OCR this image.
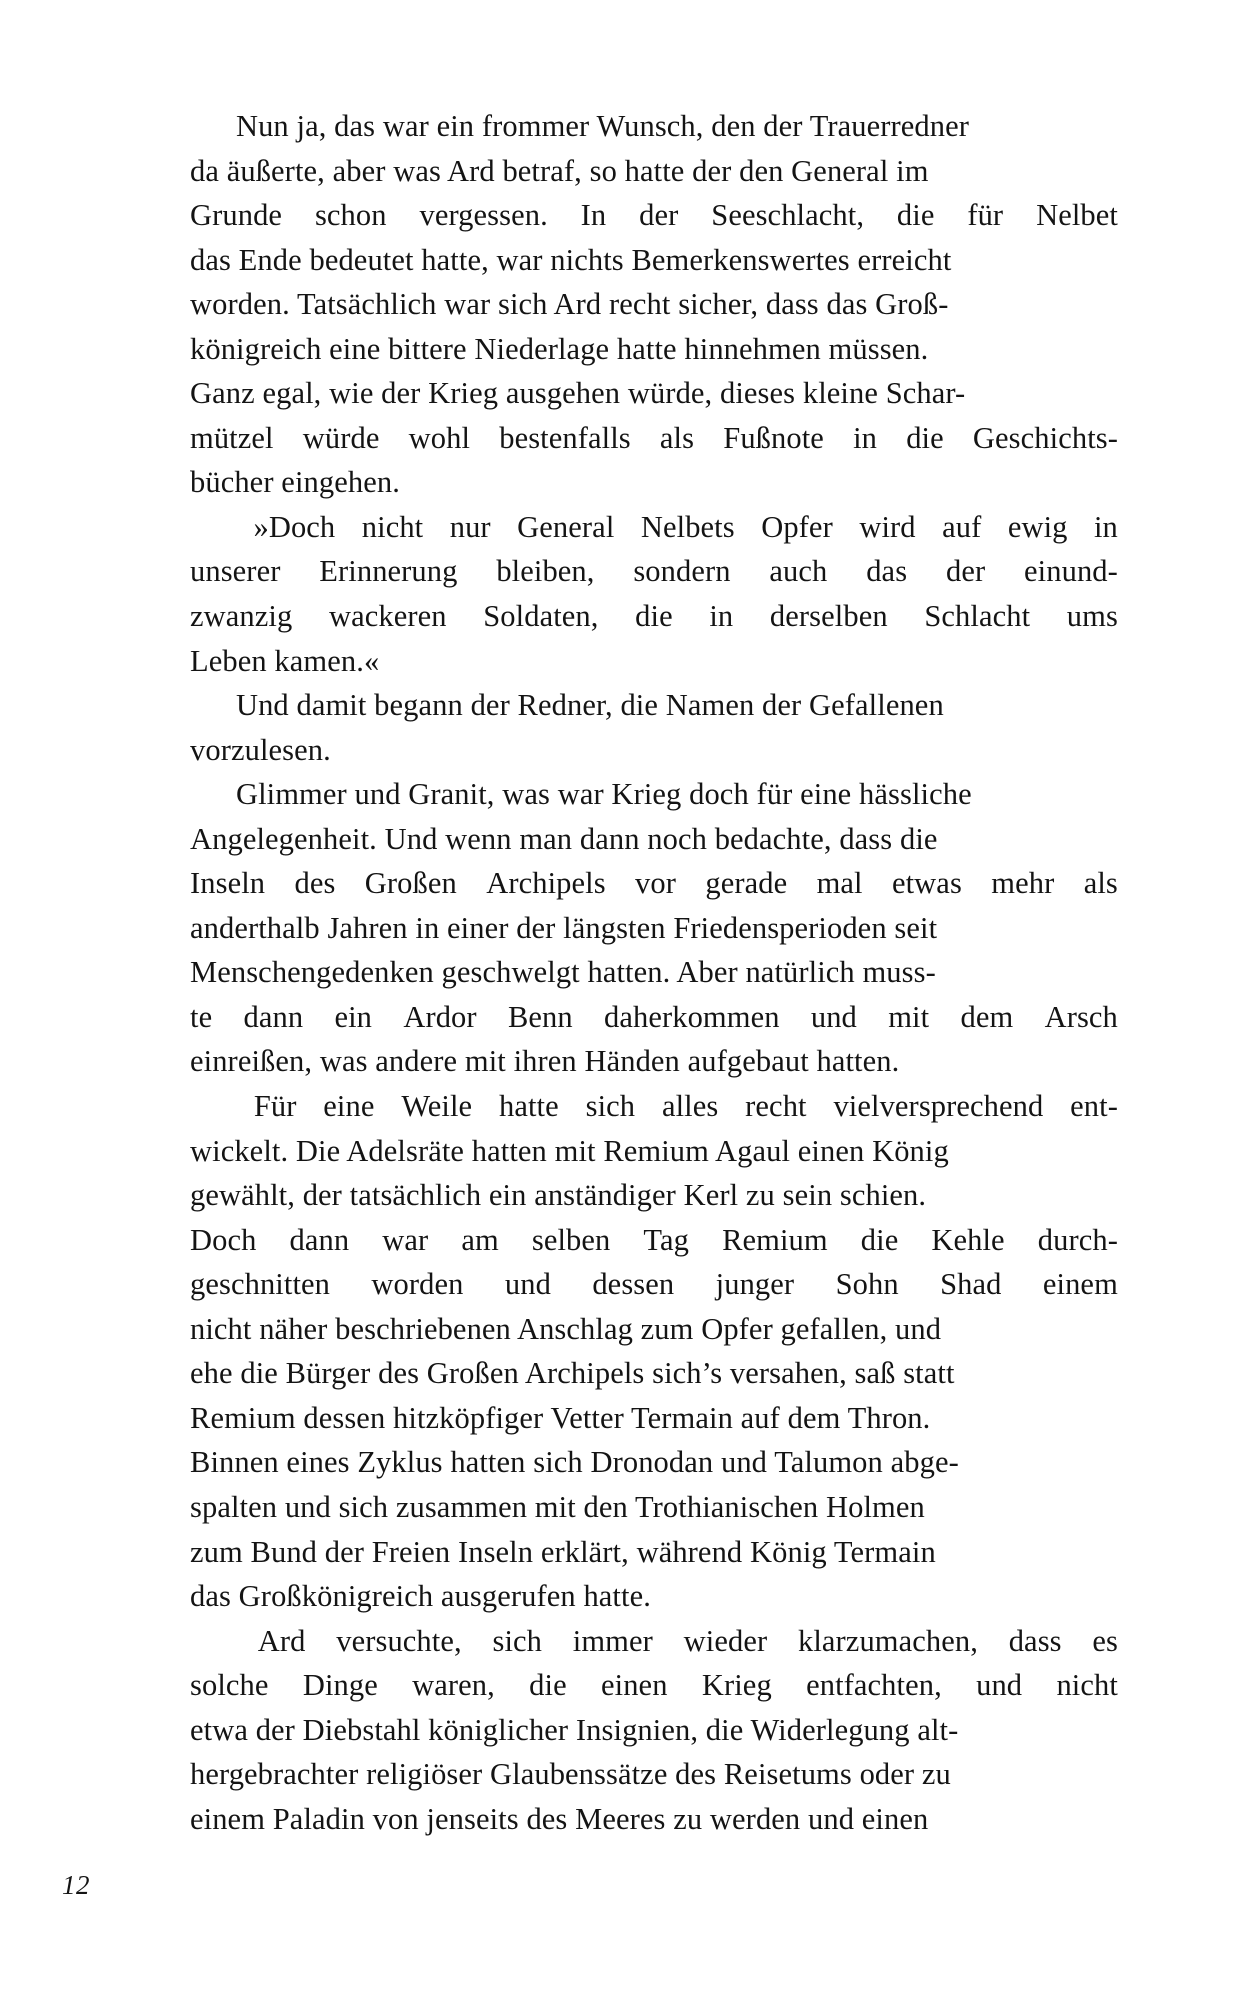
  Nun ja, das war ein frommer Wunsch, den der Trauerredner
da äußerte, aber was Ard betraf, so hatte der den General im
Grunde schon vergessen. In der Seeschlacht, die für Nelbet
das Ende bedeutet hatte, war nichts Bemerkenswertes erreicht
worden. Tatsächlich war sich Ard recht sicher, dass das Groß-
königreich eine bittere Niederlage hatte hinnehmen müssen.
Ganz egal, wie der Krieg ausgehen würde, dieses kleine Schar-
mützel würde wohl bestenfalls als Fußnote in die Geschichts-
bücher eingehen.
»Doch nicht nur General Nelbets Opfer wird auf ewig in
unserer Erinnerung bleiben, sondern auch das der einund-
zwanzig wackeren Soldaten, die in derselben Schlacht ums
Leben kamen.«
  Und damit begann der Redner, die Namen der Gefallenen
vorzulesen.
  Glimmer und Granit, was war Krieg doch für eine hässliche
Angelegenheit. Und wenn man dann noch bedachte, dass die
Inseln des Großen Archipels vor gerade mal etwas mehr als
anderthalb Jahren in einer der längsten Friedensperioden seit
Menschengedenken geschwelgt hatten. Aber natürlich muss-
te dann ein Ardor Benn daherkommen und mit dem Arsch
einreißen, was andere mit ihren Händen aufgebaut hatten.
Für eine Weile hatte sich alles recht vielversprechend ent-
wickelt. Die Adelsräte hatten mit Remium Agaul einen König
gewählt, der tatsächlich ein anständiger Kerl zu sein schien.
Doch dann war am selben Tag Remium die Kehle durch-
geschnitten worden und dessen junger Sohn Shad einem
nicht näher beschriebenen Anschlag zum Opfer gefallen, und
ehe die Bürger des Großen Archipels sich’s versahen, saß statt
Remium dessen hitzköpfiger Vetter Termain auf dem Thron.
Binnen eines Zyklus hatten sich Dronodan und Talumon abge-
spalten und sich zusammen mit den Trothianischen Holmen
zum Bund der Freien Inseln erklärt, während König Termain
das Großkönigreich ausgerufen hatte.
Ard versuchte, sich immer wieder klarzumachen, dass es
solche Dinge waren, die einen Krieg entfachten, und nicht
etwa der Diebstahl königlicher Insignien, die Widerlegung alt-
hergebrachter religiöser Glaubenssätze des Reisetums oder zu
einem Paladin von jenseits des Meeres zu werden und einen
12
